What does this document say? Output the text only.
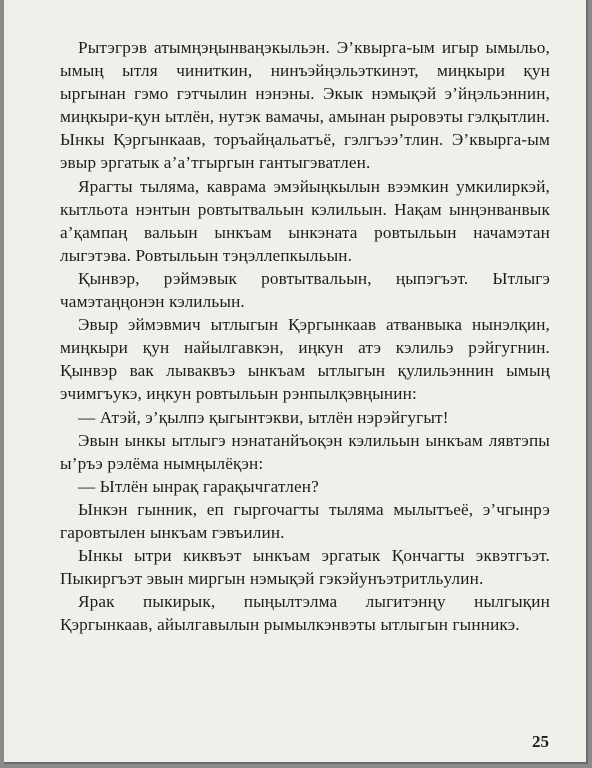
Рытэгрэв атымңэңынваңэкыльэн. Э’квырга-ым игыр ымыльо, ымың ытля чиниткин, нинъэйңэльэткинэт, миңкыри қун ыргынан гэмо гэтчылин нэнэны. Экык нэмықэй э’йңэльэннин, миңкыри-қун ытлён, нутэк вамачы, амынан рыровэты гэлқытлин. Ынкы Қэргынкаав, торъайңальатъё, гэлгъээ’тлин. Э’квырга-ым эвыр эргатык а’а’тгыргын гантыгэватлен.

Ярагты тыляма, каврама эмэйыңкылын вээмкин умкилиркэй, кытльота нэнтын ровтытвальын кэлильын. Нақам ынңэнванвык а’қампаң вальын ынкъам ынкэната ровтыльын начамэтан лыгэтэва. Ровтыльын тэңэллепкыльын.

Қынвэр, рэймэвык ровтытвальын, ңыпэгъэт. Ытлыгэ чамэтаңңонэн кэлильын.

Эвыр эймэвмич ытлыгын Қэргынкаав атванвыка нынэлқин, миңкыри қун найылгавкэн, иңкун атэ кэлильэ рэйгугнин. Қынвэр вак лываквъэ ынкъам ытлыгын қулильэннин ымың эчимгъукэ, иңкун ровтыльын рэнпылқэвңынин:

— Атэй, э’қылпэ қыгынтэкви, ытлён нэрэйгугыт!

Эвын ынкы ытлыгэ нэнатанйъоқэн кэлильын ынкъам лявтэпы ы’ръэ рэлёма нымңылёқэн:

— Ытлён ынрақ гарақычгатлен?

Ынкэн гынник, еп гыргочагты тыляма мылытъеё, э’чгынрэ гаровтылен ынкъам гэвъилин.

Ынкы ытри киквъэт ынкъам эргатык Қончагты эквэтгъэт. Пыкиргъэт эвын миргын нэмықэй гэкэйунъэтритльулин.

Ярак пыкирык, пыңылтэлма лыгитэнңу нылгықин Қэргынкаав, айылгавылын рымылкэнвэты ытлыгын гынникэ.

25
